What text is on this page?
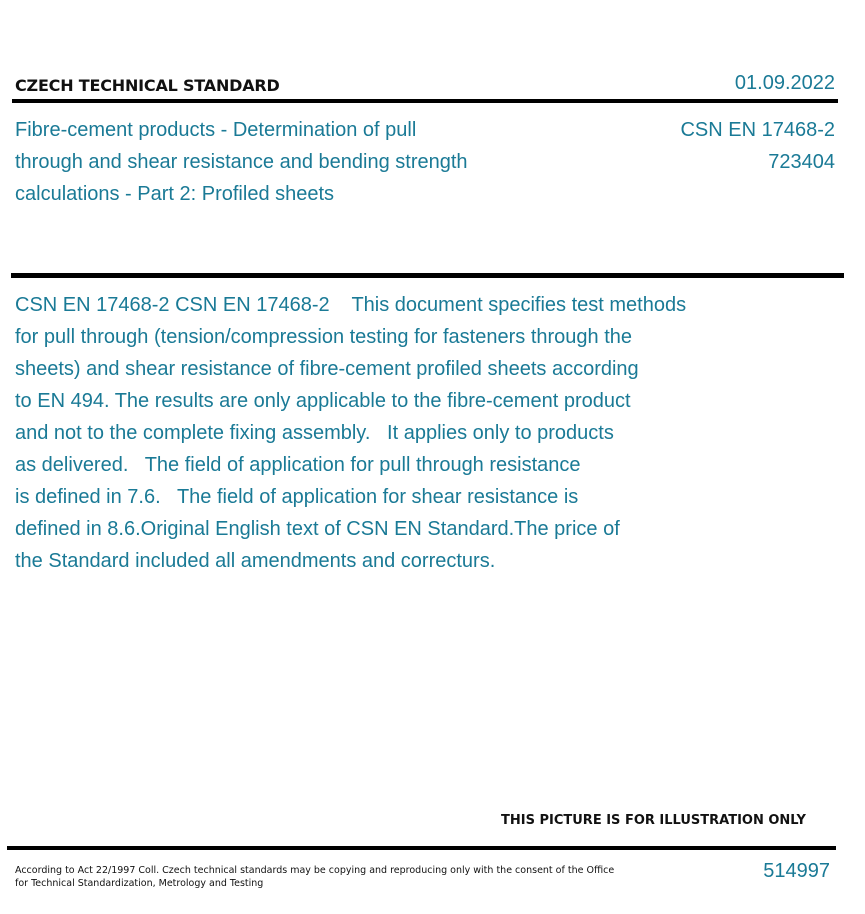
CZECH TECHNICAL STANDARD	01.09.2022
Fibre-cement products - Determination of pull
through and shear resistance and bending strength
calculations - Part 2: Profiled sheets
CSN EN 17468-2
723404
CSN EN 17468-2 CSN EN 17468-2    This document specifies test methods
for pull through (tension/compression testing for fasteners through the
sheets) and shear resistance of fibre-cement profiled sheets according
to EN 494. The results are only applicable to the fibre-cement product
and not to the complete fixing assembly.   It applies only to products
as delivered.   The field of application for pull through resistance
is defined in 7.6.   The field of application for shear resistance is
defined in 8.6.Original English text of CSN EN Standard.The price of
the Standard included all amendments and correcturs.
THIS PICTURE IS FOR ILLUSTRATION ONLY
According to Act 22/1997 Coll. Czech technical standards may be copying and reproducing only with the consent of the Office
for Technical Standardization, Metrology and Testing
514997
